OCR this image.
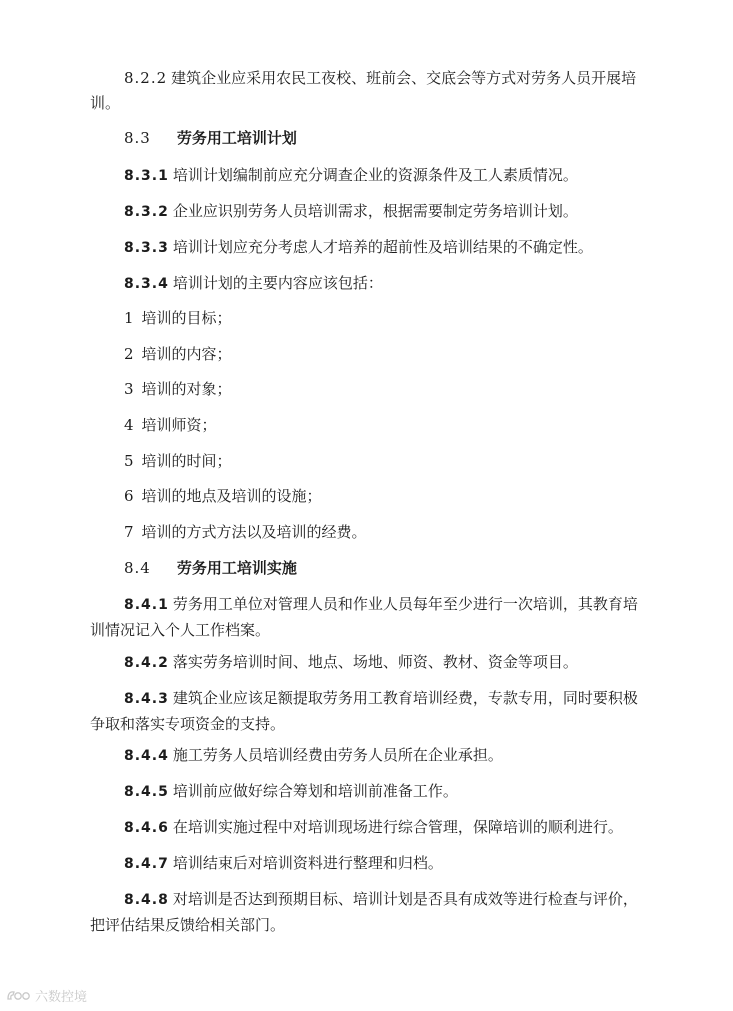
8.2.2 建筑企业应采用农民工夜校、班前会、交底会等方式对劳务人员开展培训。

8.3 劳务用工培训计划

8.3.1 培训计划编制前应充分调查企业的资源条件及工人素质情况。

8.3.2 企业应识别劳务人员培训需求，根据需要制定劳务培训计划。

8.3.3 培训计划应充分考虑人才培养的超前性及培训结果的不确定性。

8.3.4 培训计划的主要内容应该包括：

1 培训的目标；

2 培训的内容；

3 培训的对象；

4 培训师资；

5 培训的时间；

6 培训的地点及培训的设施；

7 培训的方式方法以及培训的经费。

8.4 劳务用工培训实施

8.4.1 劳务用工单位对管理人员和作业人员每年至少进行一次培训，其教育培训情况记入个人工作档案。

8.4.2 落实劳务培训时间、地点、场地、师资、教材、资金等项目。

8.4.3 建筑企业应该足额提取劳务用工教育培训经费，专款专用，同时要积极争取和落实专项资金的支持。

8.4.4 施工劳务人员培训经费由劳务人员所在企业承担。

8.4.5 培训前应做好综合筹划和培训前准备工作。

8.4.6 在培训实施过程中对培训现场进行综合管理，保障培训的顺利进行。

8.4.7 培训结束后对培训资料进行整理和归档。

8.4.8 对培训是否达到预期目标、培训计划是否具有成效等进行检查与评价，把评估结果反馈给相关部门。

六数控境
